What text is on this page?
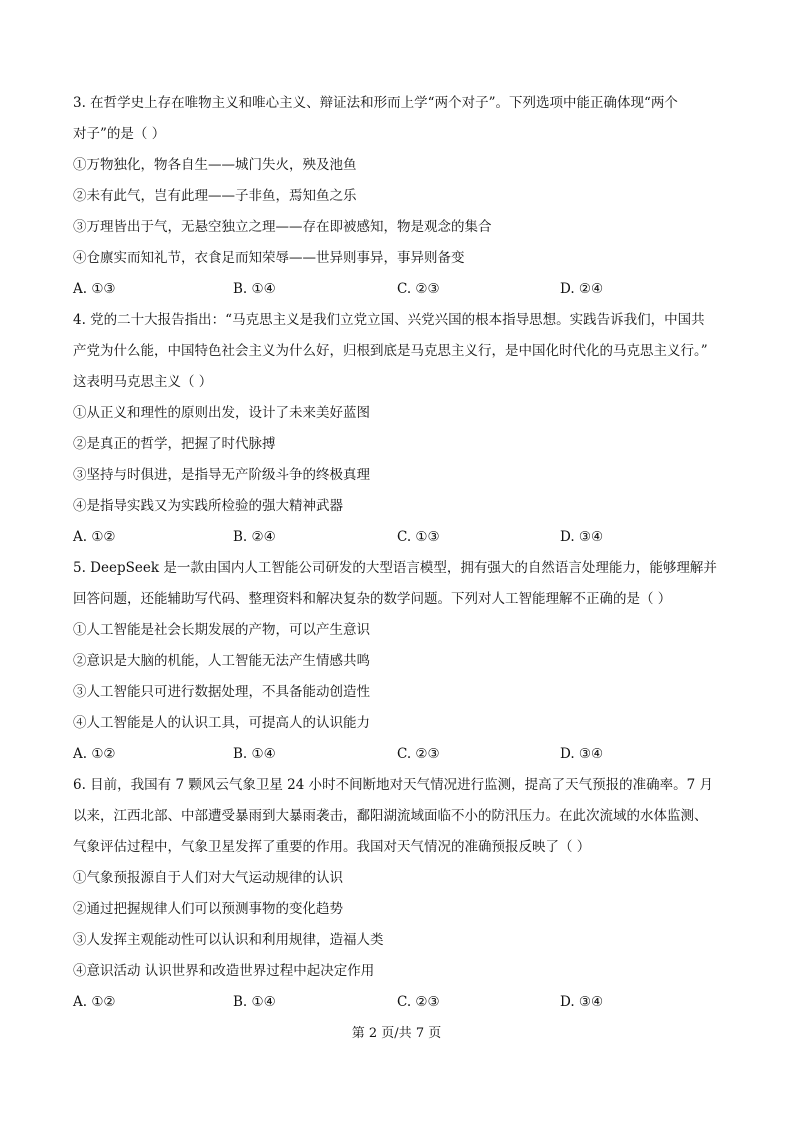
3. 在哲学史上存在唯物主义和唯心主义、辩证法和形而上学“两个对子”。下列选项中能正确体现“两个
对子”的是（ ）
①万物独化，物各自生——城门失火，殃及池鱼
②未有此气，岂有此理——子非鱼，焉知鱼之乐
③万理皆出于气，无悬空独立之理——存在即被感知，物是观念的集合
④仓廪实而知礼节，衣食足而知荣辱——世异则事异，事异则备变
A. ①③	B. ①④	C. ②③	D. ②④
4. 党的二十大报告指出：“马克思主义是我们立党立国、兴党兴国的根本指导思想。实践告诉我们，中国共
产党为什么能，中国特色社会主义为什么好，归根到底是马克思主义行，是中国化时代化的马克思主义行。”
这表明马克思主义（ ）
①从正义和理性的原则出发，设计了未来美好蓝图
②是真正的哲学，把握了时代脉搏
③坚持与时俱进，是指导无产阶级斗争的终极真理
④是指导实践又为实践所检验的强大精神武器
A. ①②	B. ②④	C. ①③	D. ③④
5. DeepSeek 是一款由国内人工智能公司研发的大型语言模型，拥有强大的自然语言处理能力，能够理解并
回答问题，还能辅助写代码、整理资料和解决复杂的数学问题。下列对人工智能理解不正确的是（ ）
①人工智能是社会长期发展的产物，可以产生意识
②意识是大脑的机能，人工智能无法产生情感共鸣
③人工智能只可进行数据处理，不具备能动创造性
④人工智能是人的认识工具，可提高人的认识能力
A. ①②	B. ①④	C. ②③	D. ③④
6. 目前，我国有 7 颗风云气象卫星 24 小时不间断地对天气情况进行监测，提高了天气预报的准确率。7 月
以来，江西北部、中部遭受暴雨到大暴雨袭击，鄱阳湖流域面临不小的防汛压力。在此次流域的水体监测、
气象评估过程中，气象卫星发挥了重要的作用。我国对天气情况的准确预报反映了（ ）
①气象预报源自于人们对大气运动规律的认识
②通过把握规律人们可以预测事物的变化趋势
③人发挥主观能动性可以认识和利用规律，造福人类
④意识活动 认识世界和改造世界过程中起决定作用
A. ①②	B. ①④	C. ②③	D. ③④
第 2 页/共 7 页
